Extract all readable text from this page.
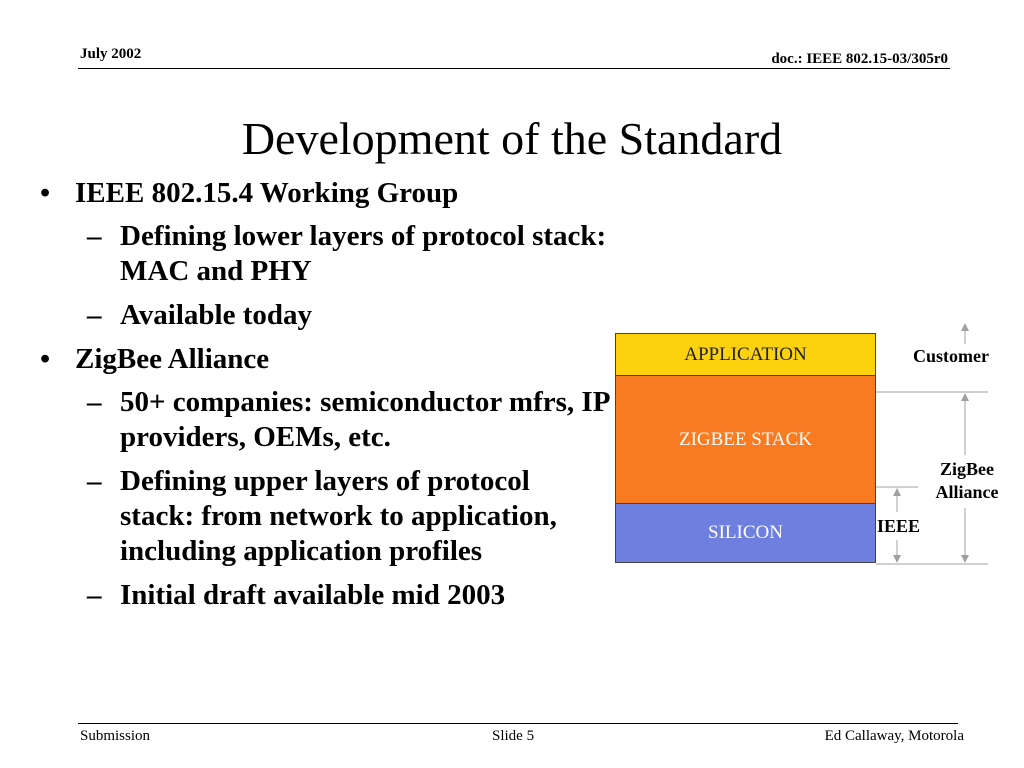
July 2002	doc.: IEEE 802.15-03/305r0
Development of the Standard
• IEEE 802.15.4 Working Group
– Defining lower layers of protocol stack: MAC and PHY
– Available today
• ZigBee Alliance
– 50+ companies: semiconductor mfrs, IP providers, OEMs, etc.
– Defining upper layers of protocol stack: from network to application, including application profiles
– Initial draft available mid 2003
APPLICATION
ZIGBEE STACK
SILICON
Customer
ZigBee
Alliance
IEEE
Submission	Slide 5	Ed Callaway, Motorola
